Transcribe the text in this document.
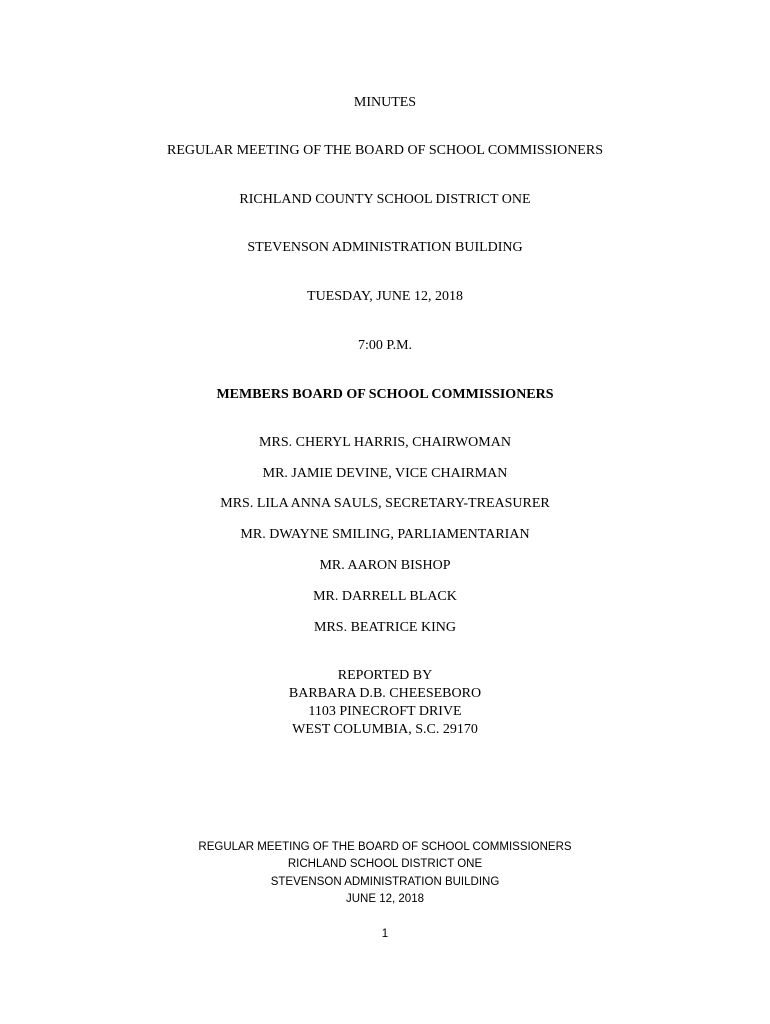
MINUTES
REGULAR MEETING OF THE BOARD OF SCHOOL COMMISSIONERS
RICHLAND COUNTY SCHOOL DISTRICT ONE
STEVENSON ADMINISTRATION BUILDING
TUESDAY, JUNE 12, 2018
7:00 P.M.
MEMBERS BOARD OF SCHOOL COMMISSIONERS
MRS. CHERYL HARRIS, CHAIRWOMAN
MR. JAMIE DEVINE, VICE CHAIRMAN
MRS. LILA ANNA SAULS, SECRETARY-TREASURER
MR. DWAYNE SMILING, PARLIAMENTARIAN
MR. AARON BISHOP
MR. DARRELL BLACK
MRS. BEATRICE KING
REPORTED BY
BARBARA D.B. CHEESEBORO
1103 PINECROFT DRIVE
WEST COLUMBIA, S.C. 29170
REGULAR MEETING OF THE BOARD OF SCHOOL COMMISSIONERS
RICHLAND SCHOOL DISTRICT ONE
STEVENSON ADMINISTRATION BUILDING
JUNE 12, 2018
1
